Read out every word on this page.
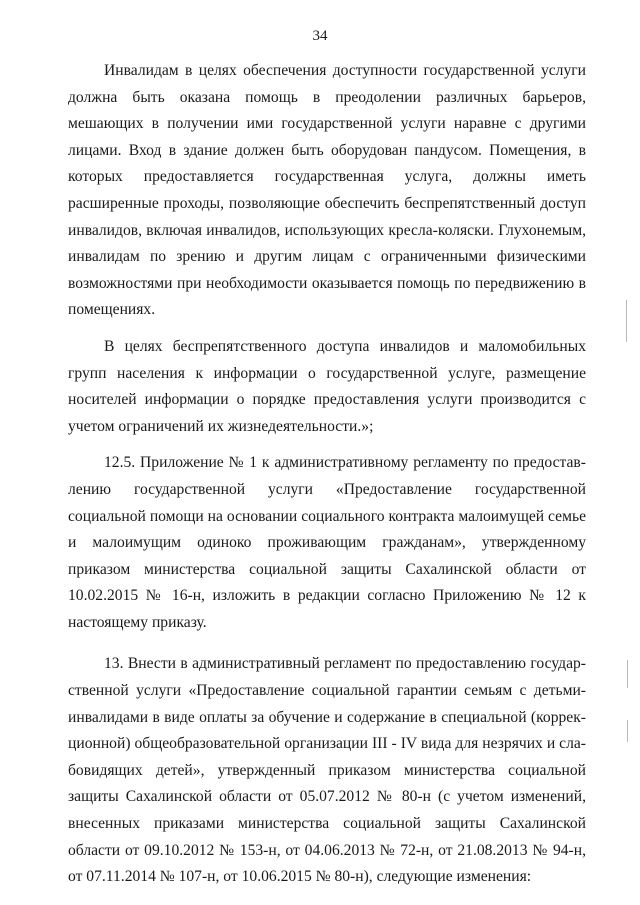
34

Инвалидам в целях обеспечения доступности государственной услуги должна быть оказана помощь в преодолении различных барьеров, мешающих в получении ими государственной услуги наравне с другими лицами. Вход в здание должен быть оборудован пандусом. Помещения, в которых предоставляется государственная услуга, должны иметь расширенные проходы, позволяющие обеспечить беспрепятственный доступ инвалидов, включая инвалидов, использующих кресла-коляски. Глухонемым, инвалидам по зрению и другим лицам с ограниченными физическими возможностями при необходимости оказывается помощь по передвижению в помещениях.

В целях беспрепятственного доступа инвалидов и маломобильных групп населения к информации о государственной услуге, размещение носителей информации о порядке предоставления услуги производится с учетом ограничений их жизнедеятельности.»;

12.5. Приложение № 1 к административному регламенту по предоставлению государственной услуги «Предоставление государственной социальной помощи на основании социального контракта малоимущей семье и малоимущим одиноко проживающим гражданам», утвержденному приказом министерства социальной защиты Сахалинской области от 10.02.2015 № 16-н, изложить в редакции согласно Приложению № 12 к настоящему приказу.

13. Внести в административный регламент по предоставлению государственной услуги «Предоставление социальной гарантии семьям с детьми-инвалидами в виде оплаты за обучение и содержание в специальной (коррекционной) общеобразовательной организации III - IV вида для незрячих и слабовидящих детей», утвержденный приказом министерства социальной защиты Сахалинской области от 05.07.2012 № 80-н (с учетом изменений, внесенных приказами министерства социальной защиты Сахалинской области от 09.10.2012 № 153-н, от 04.06.2013 № 72-н, от 21.08.2013 № 94-н, от 07.11.2014 № 107-н, от 10.06.2015 № 80-н), следующие изменения:
